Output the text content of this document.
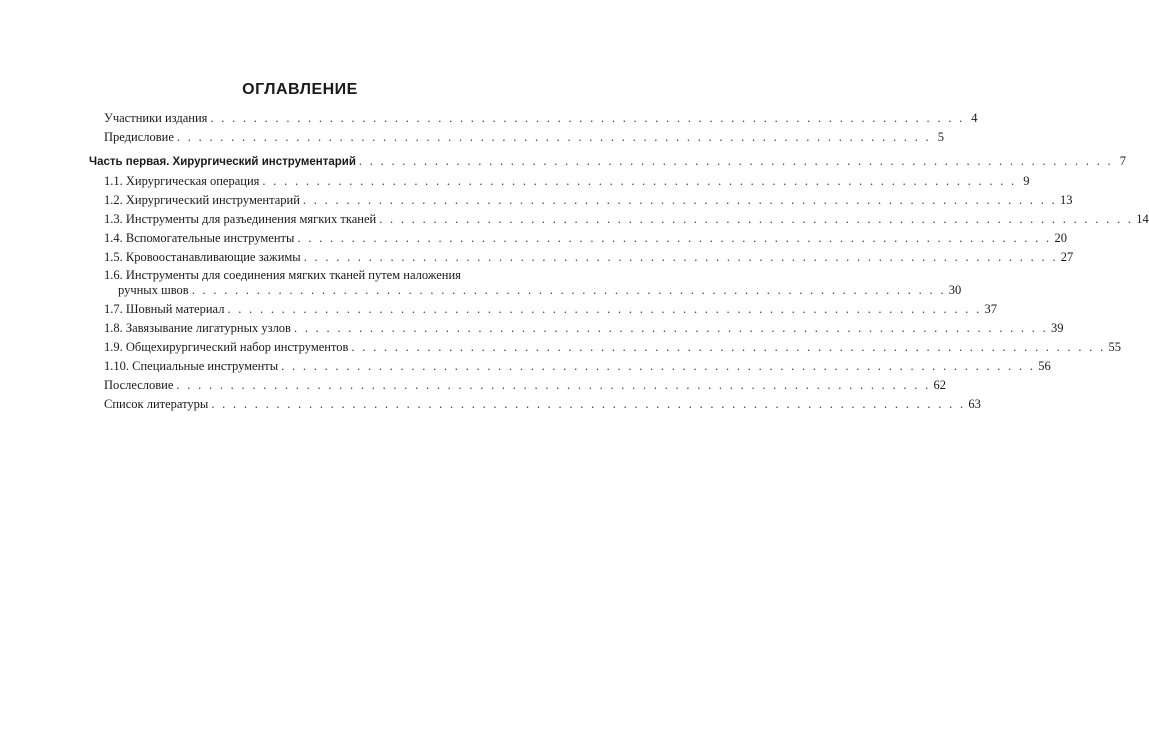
ОГЛАВЛЕНИЕ
Участники издания . . . . . . . . . . . . . . . . . . . . . . . . . . . . . . . . . . . . . . . . . . . . . . . . . . . . . . . . . . . . . . . . . . . . . . 4
Предисловие . . . . . . . . . . . . . . . . . . . . . . . . . . . . . . . . . . . . . . . . . . . . . . . . . . . . . . . . . . . . . . . . . . . . . . 5
Часть первая. Хирургический инструментарий . . . . . . . . . . . . . . . . . . . . . . . . . . . . . . . . . . . . . . . . . . . . . . . . . . . . . . . . . . . . . . . . . . . . . . 7
1.1. Хирургическая операция . . . . . . . . . . . . . . . . . . . . . . . . . . . . . . . . . . . . . . . . . . . . . . . . . . . . . . . . . . . . . . . . . . . . . . 9
1.2. Хирургический инструментарий . . . . . . . . . . . . . . . . . . . . . . . . . . . . . . . . . . . . . . . . . . . . . . . . . . . . . . . . . . . . . . . . . . . . . . 13
1.3. Инструменты для разъединения мягких тканей . . . . . . . . . . . . . . . . . . . . . . . . . . . . . . . . . . . . . . . . . . . . . . . . . . . . . . . . . . . . . . . . . . . . . . 14
1.4. Вспомогательные инструменты . . . . . . . . . . . . . . . . . . . . . . . . . . . . . . . . . . . . . . . . . . . . . . . . . . . . . . . . . . . . . . . . . . . . . . 20
1.5. Кровоостанавливающие зажимы . . . . . . . . . . . . . . . . . . . . . . . . . . . . . . . . . . . . . . . . . . . . . . . . . . . . . . . . . . . . . . . . . . . . . . 27
1.6. Инструменты для соединения мягких тканей путем наложения
ручных швов . . . . . . . . . . . . . . . . . . . . . . . . . . . . . . . . . . . . . . . . . . . . . . . . . . . . . . . . . . . . . . . . . . . . . . 30
1.7. Шовный материал . . . . . . . . . . . . . . . . . . . . . . . . . . . . . . . . . . . . . . . . . . . . . . . . . . . . . . . . . . . . . . . . . . . . . . 37
1.8. Завязывание лигатурных узлов . . . . . . . . . . . . . . . . . . . . . . . . . . . . . . . . . . . . . . . . . . . . . . . . . . . . . . . . . . . . . . . . . . . . . . 39
1.9. Общехирургический набор инструментов . . . . . . . . . . . . . . . . . . . . . . . . . . . . . . . . . . . . . . . . . . . . . . . . . . . . . . . . . . . . . . . . . . . . . . 55
1.10. Специальные инструменты . . . . . . . . . . . . . . . . . . . . . . . . . . . . . . . . . . . . . . . . . . . . . . . . . . . . . . . . . . . . . . . . . . . . . . 56
Послесловие . . . . . . . . . . . . . . . . . . . . . . . . . . . . . . . . . . . . . . . . . . . . . . . . . . . . . . . . . . . . . . . . . . . . . . 62
Список литературы . . . . . . . . . . . . . . . . . . . . . . . . . . . . . . . . . . . . . . . . . . . . . . . . . . . . . . . . . . . . . . . . . . . . . . 63
